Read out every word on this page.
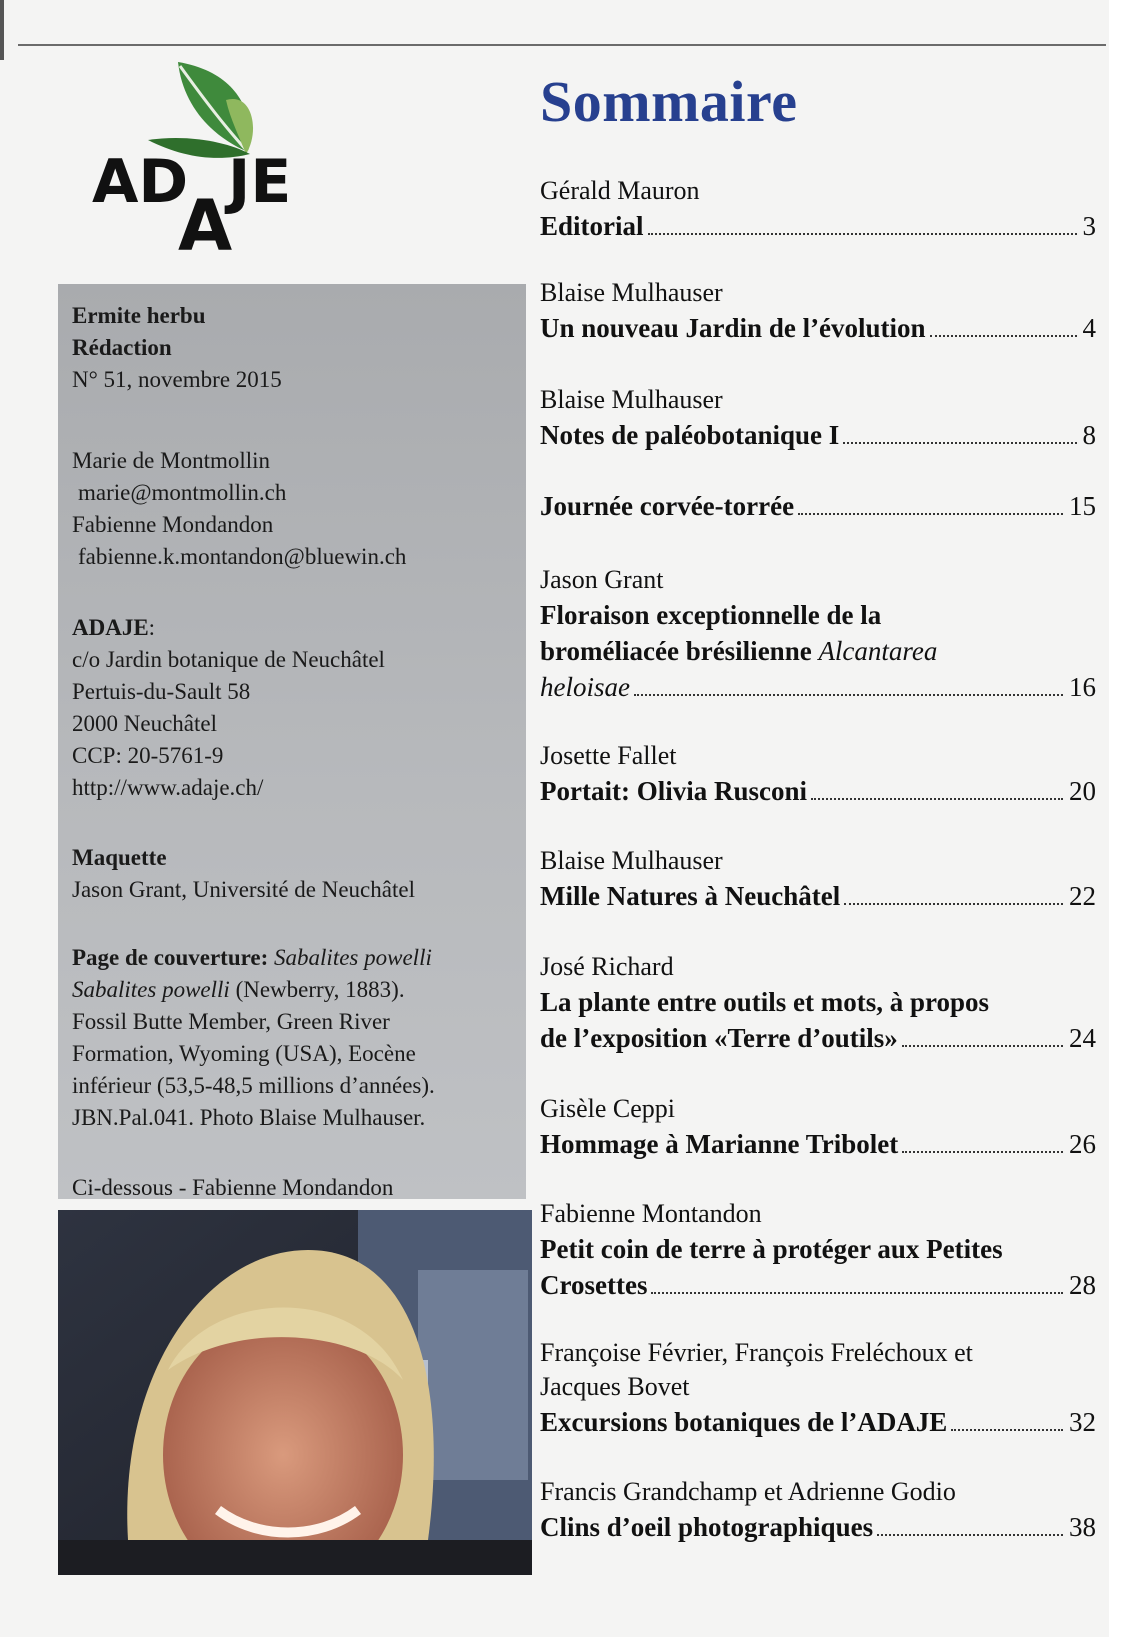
AD
A
JE
Ermite herbu
Rédaction
N° 51, novembre 2015
Marie de Montmollin
marie@montmollin.ch
Fabienne Mondandon
fabienne.k.montandon@bluewin.ch
ADAJE:
c/o Jardin botanique de Neuchâtel
Pertuis-du-Sault 58
2000 Neuchâtel
CCP: 20-5761-9
http://www.adaje.ch/
Maquette
Jason Grant, Université de Neuchâtel
Page de couverture: Sabalites powelli
Sabalites powelli (Newberry, 1883).
Fossil Butte Member, Green River
Formation, Wyoming (USA), Eocène
inférieur (53,5-48,5 millions d’années).
JBN.Pal.041. Photo Blaise Mulhauser.
Ci-dessous - Fabienne Mondandon
Sommaire
Gérald Mauron
Editorial	3
Blaise Mulhauser
Un nouveau Jardin de l’évolution	4
Blaise Mulhauser
Notes de paléobotanique I	8
Journée corvée-torrée	15
Jason Grant
Floraison exceptionnelle de la
broméliacée brésilienne Alcantarea
heloisae	16
Josette Fallet
Portait: Olivia Rusconi	20
Blaise Mulhauser
Mille Natures à Neuchâtel	22
José Richard
La plante entre outils et mots, à propos
de l’exposition «Terre d’outils»	24
Gisèle Ceppi
Hommage à Marianne Tribolet	26
Fabienne Montandon
Petit coin de terre à protéger aux Petites
Crosettes	28
Françoise Février, François Freléchoux et
Jacques Bovet
Excursions botaniques de l’ADAJE	32
Francis Grandchamp et Adrienne Godio
Clins d’oeil photographiques	38
